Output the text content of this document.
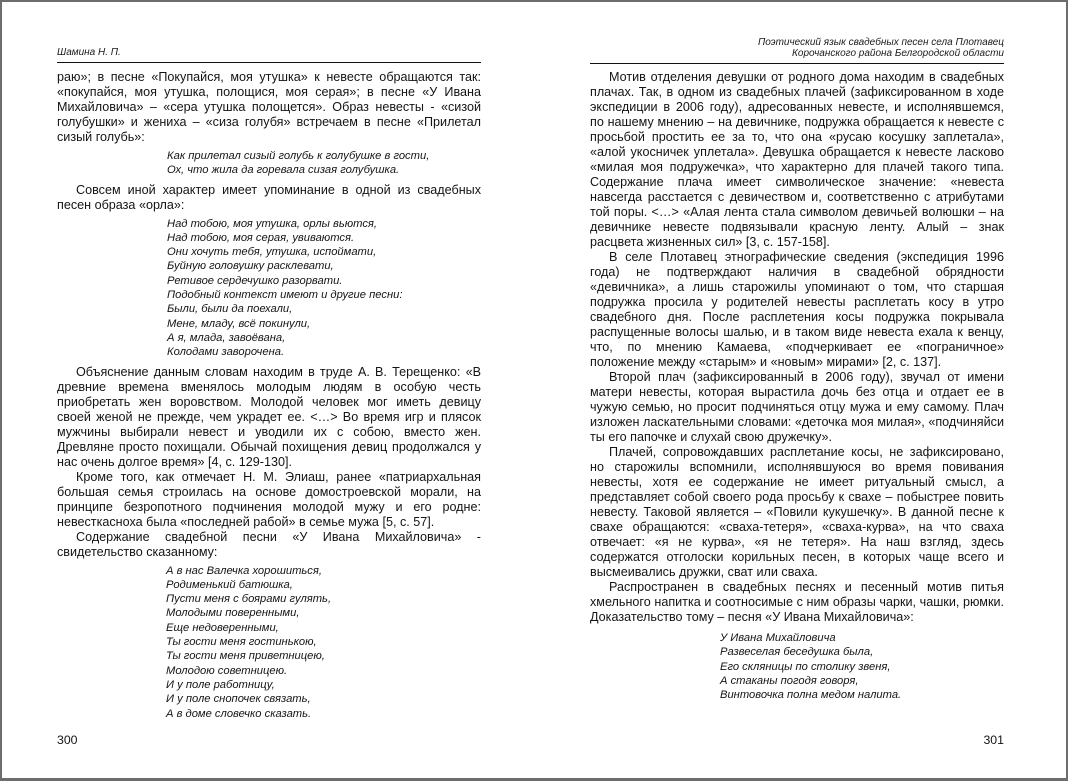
Шамина Н. П.

раю»; в песне «Покупайся, моя утушка» к невесте обращаются так: «покупайся, моя утушка, полощися, моя серая»; в песне «У Ивана Михайловича» – «сера утушка полощется». Образ невесты - «сизой голубушки» и жениха – «сиза голубя» встречаем в песне «Прилетал сизый голубь»:

Как прилетал сизый голубь к голубушке в гости,
Ох, что жила да горевала сизая голубушка.

Совсем иной характер имеет упоминание в одной из свадебных песен образа «орла»:

Над тобою, моя утушка, орлы вьются,
Над тобою, моя серая, увиваются.
Они хочуть тебя, утушка, испоймати,
Буйную головушку расклевати,
Ретивое сердечушко разорвати.
Подобный контекст имеют и другие песни:
Были, были да поехали,
Мене, младу, всё покинули,
А я, млада, завоёвана,
Колодами заворочена.

Объяснение данным словам находим в труде А. В. Терещенко: «В древние времена вменялось молодым людям в особую честь приобретать жен воровством. Молодой человек мог иметь девицу своей женой не прежде, чем украдет ее. <…> Во время игр и плясок мужчины выбирали невест и уводили их с собою, вместо жен. Древляне просто похищали. Обычай похищения девиц продолжался у нас очень долгое время» [4, с. 129-130].

Кроме того, как отмечает Н. М. Элиаш, ранее «патриархальная большая семья строилась на основе домостроевской морали, на принципе безропотного подчинения молодой мужу и его родне: невесткасноха была «последней рабой» в семье мужа [5, с. 57].

Содержание свадебной песни «У Ивана Михайловича» - свидетельство сказанному:

А в нас Валечка хорошиться,
Родименький батюшка,
Пусти меня с боярами гулять,
Молодыми поверенными,
Еще недоверенными,
Ты гости меня гостинькою,
Ты гости меня приветницею,
Молодою советницею.
И у поле работницу,
И у поле снопочек связать,
А в доме словечко сказать.
300
Поэтический язык свадебных песен села Плотавец
Корочанского района Белгородской области

Мотив отделения девушки от родного дома находим в свадебных плачах. Так, в одном из свадебных плачей (зафиксированном в ходе экспедиции в 2006 году), адресованных невесте, и исполнявшемся, по нашему мнению – на девичнике, подружка обращается к невесте с просьбой простить ее за то, что она «русаю косушку заплетала», «алой укосничек уплетала». Девушка обращается к невесте ласково «милая моя подружечка», что характерно для плачей такого типа. Содержание плача имеет символическое значение: «невеста навсегда расстается с девичеством и, соответственно с атрибутами той поры. <…> «Алая лента стала символом девичьей волюшки – на девичнике невесте подвязывали красную ленту. Алый – знак расцвета жизненных сил» [3, с. 157-158].

В селе Плотавец этнографические сведения (экспедиция 1996 года) не подтверждают наличия в свадебной обрядности «девичника», а лишь старожилы упоминают о том, что старшая подружка просила у родителей невесты расплетать косу в утро свадебного дня. После расплетения косы подружка покрывала распущенные волосы шалью, и в таком виде невеста ехала к венцу, что, по мнению Камаева, «подчеркивает ее «пограничное» положение между «старым» и «новым» мирами» [2, с. 137].

Второй плач (зафиксированный в 2006 году), звучал от имени матери невесты, которая вырастила дочь без отца и отдает ее в чужую семью, но просит подчиняться отцу мужа и ему самому. Плач изложен ласкательными словами: «деточка моя милая», «подчиняйси ты его папочке и слухай свою дружечку».

Плачей, сопровождавших расплетание косы, не зафиксировано, но старожилы вспомнили, исполнявшуюся во время повивания невесты, хотя ее содержание не имеет ритуальный смысл, а представляет собой своего рода просьбу к свахе – побыстрее повить невесту. Таковой является – «Повили кукушечку». В данной песне к свахе обращаются: «сваха-тетеря», «сваха-курва», на что сваха отвечает: «я не курва», «я не тетеря». На наш взгляд, здесь содержатся отголоски корильных песен, в которых чаще всего и высмеивались дружки, сват или сваха.

Распространен в свадебных песнях и песенный мотив питья хмельного напитка и соотносимые с ним образы чарки, чашки, рюмки. Доказательство тому – песня «У Ивана Михайловича»:

У Ивана Михайловича
Развеселая беседушка была,
Его скляницы по столику звеня,
А стаканы погодя говоря,
Винтовочка полна медом налита.
301
